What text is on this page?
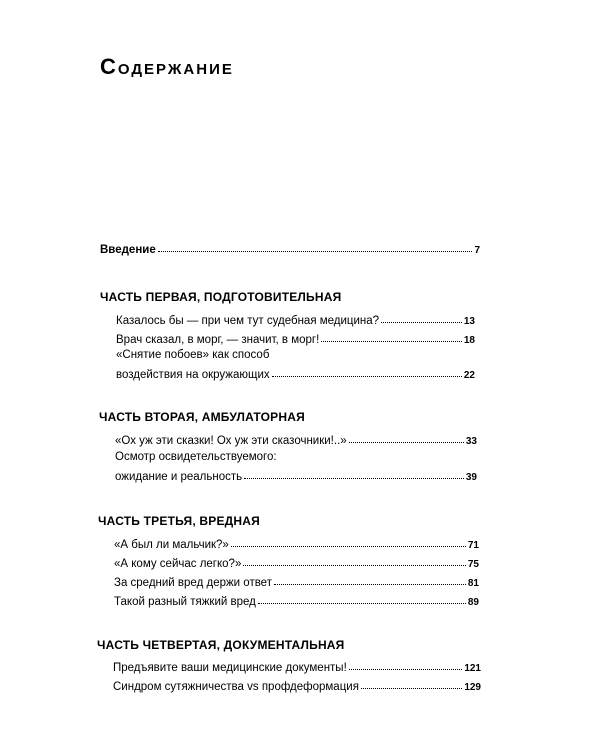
Содержание
Введение	7
ЧАСТЬ ПЕРВАЯ, ПОДГОТОВИТЕЛЬНАЯ
Казалось бы — при чем тут судебная медицина?	13
Врач сказал, в морг, — значит, в морг!	18
«Снятие побоев» как способ
воздействия на окружающих	22
ЧАСТЬ ВТОРАЯ, АМБУЛАТОРНАЯ
«Ох уж эти сказки! Ох уж эти сказочники!..»	33
Осмотр освидетельствуемого:
ожидание и реальность	39
ЧАСТЬ ТРЕТЬЯ, ВРЕДНАЯ
«А был ли мальчик?»	71
«А кому сейчас легко?»	75
За средний вред держи ответ	81
Такой разный тяжкий вред	89
ЧАСТЬ ЧЕТВЕРТАЯ, ДОКУМЕНТАЛЬНАЯ
Предъявите ваши медицинские документы!	121
Синдром сутяжничества vs профдеформация	129
